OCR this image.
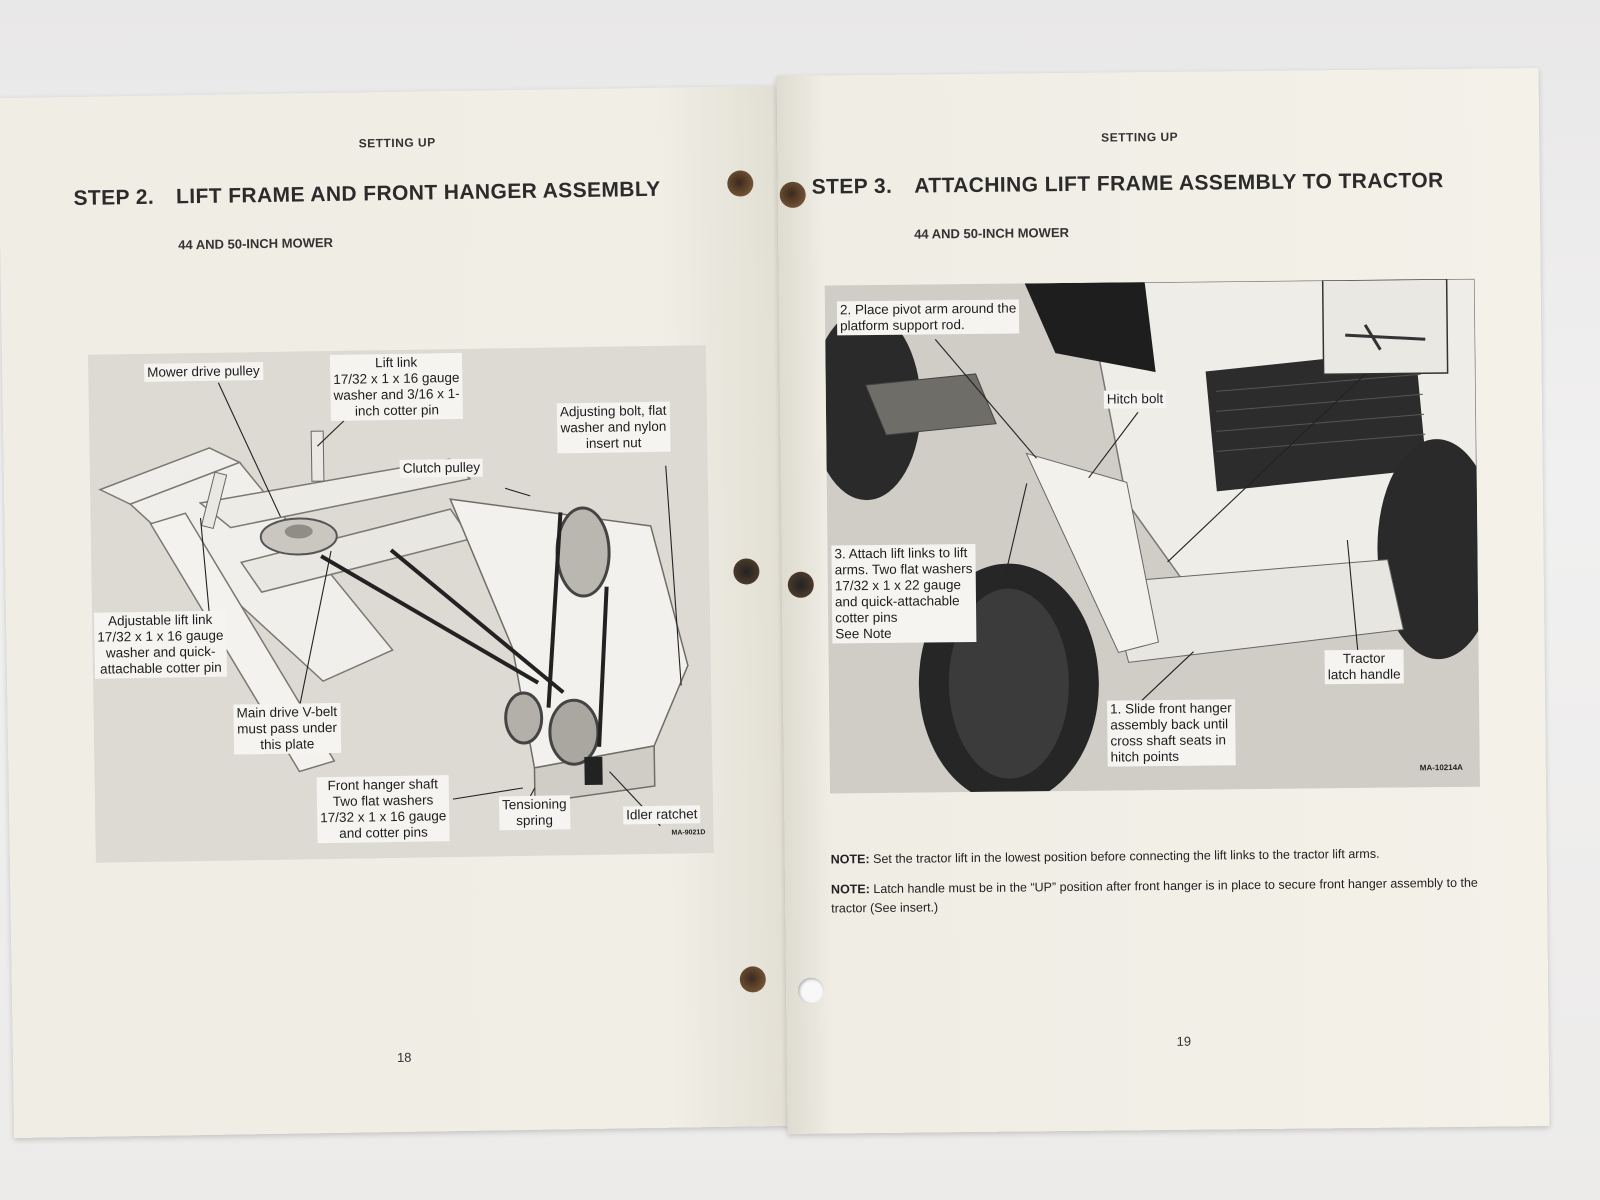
SETTING UP
STEP 2. LIFT FRAME AND FRONT HANGER ASSEMBLY
44 AND 50-INCH MOWER
Mower drive pulley
Lift link
17/32 x 1 x 16 gauge
washer and 3/16 x 1-
inch cotter pin	Adjusting bolt, flat
washer and nylon
insert nut
Clutch pulley
Adjustable lift link
17/32 x 1 x 16 gauge
washer and quick-
attachable cotter pin
Main drive V-belt
must pass under
this plate
Front hanger shaft
Two flat washers
17/32 x 1 x 16 gauge
and cotter pins
Tensioning
spring	Idler ratchet
MA-9021D
18
SETTING UP
STEP 3. ATTACHING LIFT FRAME ASSEMBLY TO TRACTOR
44 AND 50-INCH MOWER
2. Place pivot arm around the
platform support rod.
Hitch bolt
3. Attach lift links to lift
arms. Two flat washers
17/32 x 1 x 22 gauge
and quick-attachable
cotter pins
See Note
Tractor
latch handle
1. Slide front hanger
assembly back until
cross shaft seats in
hitch points
MA-10214A
NOTE: Set the tractor lift in the lowest position before connecting the lift links to the tractor lift arms.
NOTE: Latch handle must be in the “UP” position after front hanger is in place to secure front hanger assembly to the tractor (See insert.)
19
